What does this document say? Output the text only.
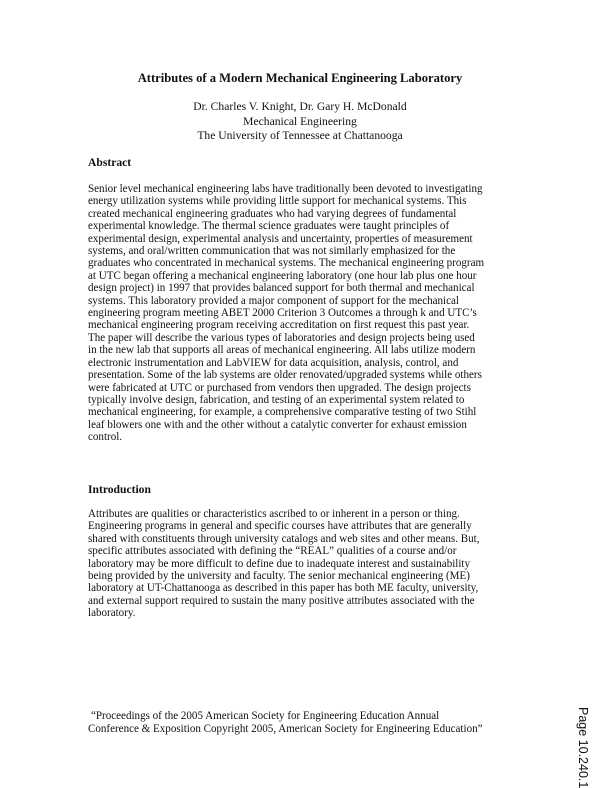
Attributes of a Modern Mechanical Engineering Laboratory
Dr. Charles V. Knight, Dr. Gary H. McDonald
Mechanical Engineering
The University of Tennessee at Chattanooga
Abstract
Senior level mechanical engineering labs have traditionally been devoted to investigating
energy utilization systems while providing little support for mechanical systems. This
created mechanical engineering graduates who had varying degrees of fundamental
experimental knowledge. The thermal science graduates were taught principles of
experimental design, experimental analysis and uncertainty, properties of measurement
systems, and oral/written communication that was not similarly emphasized for the
graduates who concentrated in mechanical systems. The mechanical engineering program
at UTC began offering a mechanical engineering laboratory (one hour lab plus one hour
design project) in 1997 that provides balanced support for both thermal and mechanical
systems. This laboratory provided a major component of support for the mechanical
engineering program meeting ABET 2000 Criterion 3 Outcomes a through k and UTC’s
mechanical engineering program receiving accreditation on first request this past year.
The paper will describe the various types of laboratories and design projects being used
in the new lab that supports all areas of mechanical engineering. All labs utilize modern
electronic instrumentation and LabVIEW for data acquisition, analysis, control, and
presentation. Some of the lab systems are older renovated/upgraded systems while others
were fabricated at UTC or purchased from vendors then upgraded. The design projects
typically involve design, fabrication, and testing of an experimental system related to
mechanical engineering, for example, a comprehensive comparative testing of two Stihl
leaf blowers one with and the other without a catalytic converter for exhaust emission
control.
Introduction
Attributes are qualities or characteristics ascribed to or inherent in a person or thing.
Engineering programs in general and specific courses have attributes that are generally
shared with constituents through university catalogs and web sites and other means. But,
specific attributes associated with defining the “REAL” qualities of a course and/or
laboratory may be more difficult to define due to inadequate interest and sustainability
being provided by the university and faculty. The senior mechanical engineering (ME)
laboratory at UT-Chattanooga as described in this paper has both ME faculty, university,
and external support required to sustain the many positive attributes associated with the
laboratory.
“Proceedings of the 2005 American Society for Engineering Education Annual
Conference & Exposition Copyright 2005, American Society for Engineering Education”	Page 10.240.1
